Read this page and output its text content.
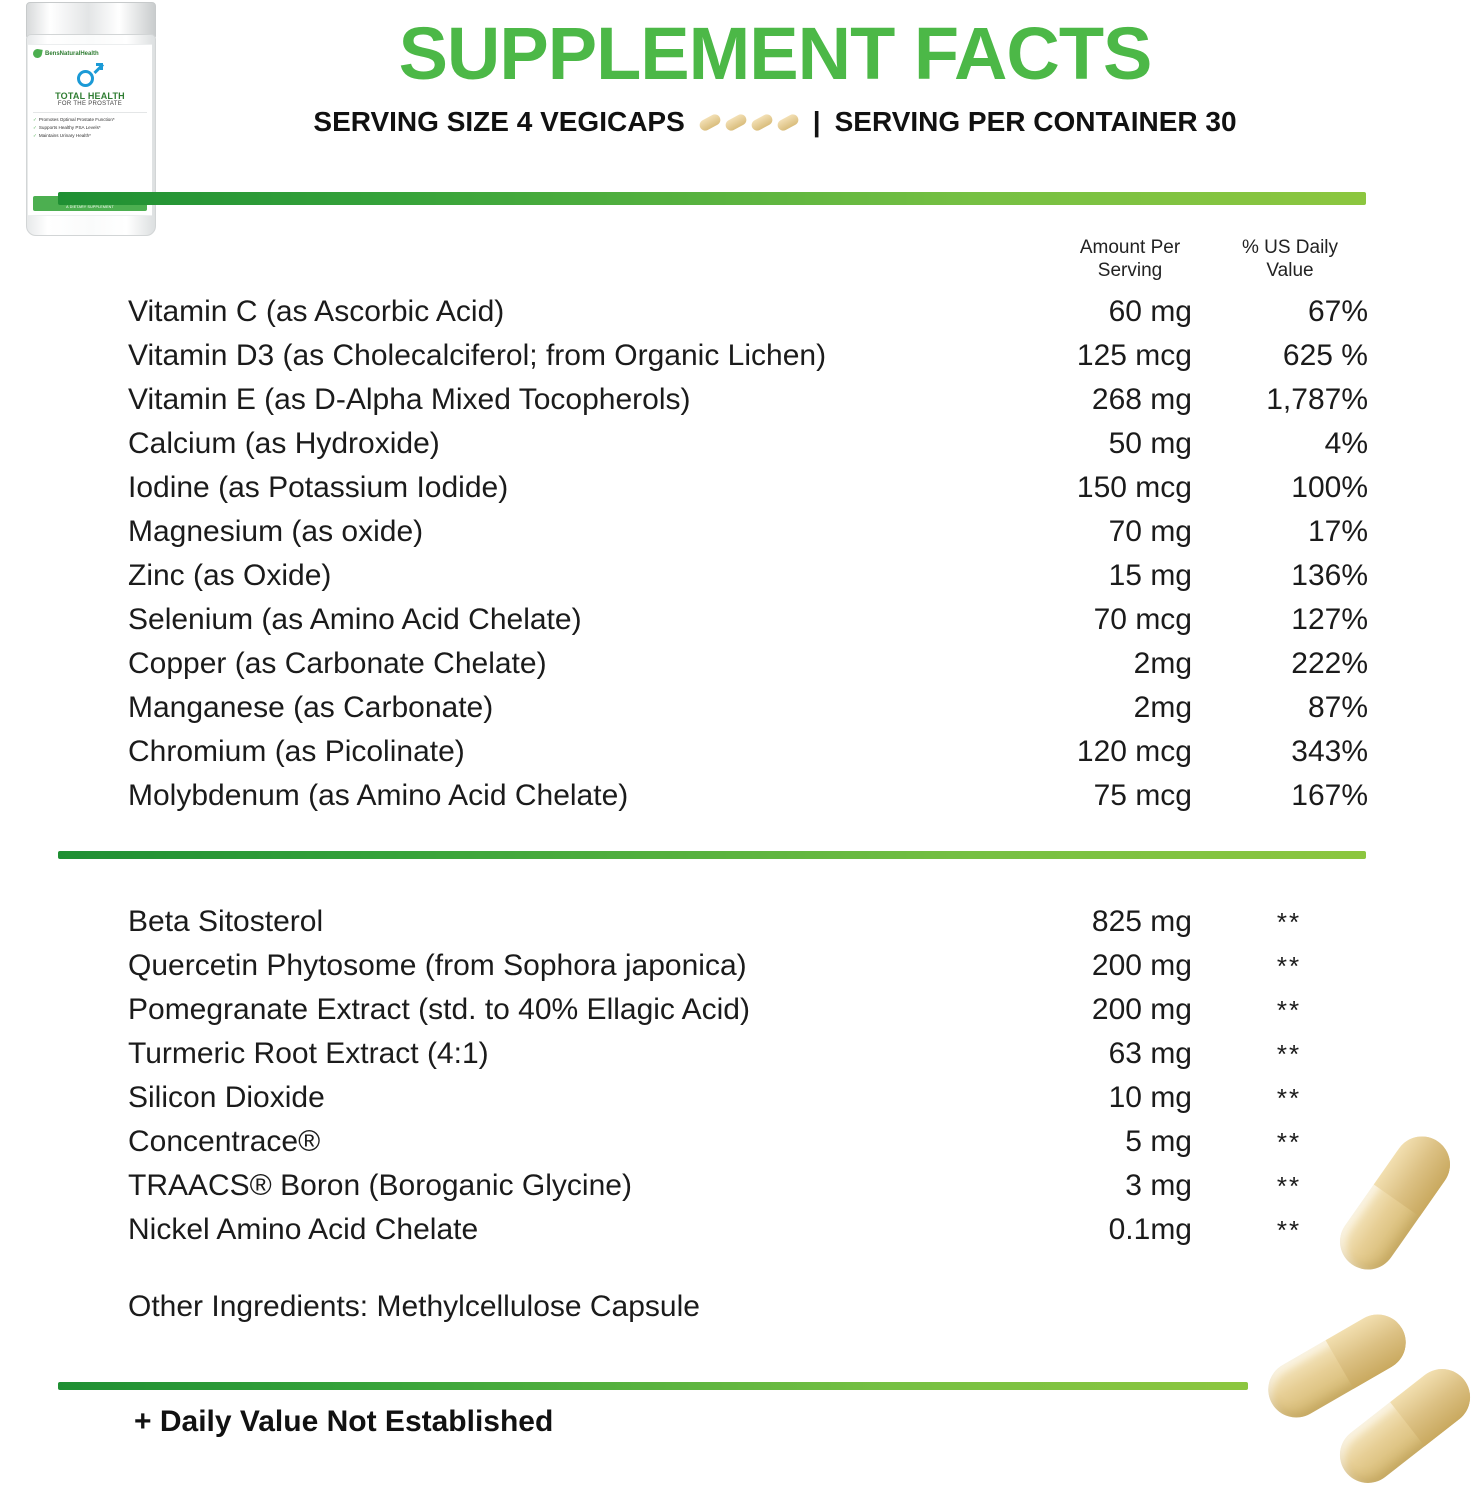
BensNaturalHealth
TOTAL HEALTH
FOR THE PROSTATE
✓ Promotes Optimal Prostate Function*
✓ Supports Healthy PSA Levels*
✓ Maintains Urinary Health*
A DIETARY SUPPLEMENT
SUPPLEMENT FACTS
SERVING SIZE 4 VEGICAPS	| SERVING PER CONTAINER 30
Amount Per
Serving
% US Daily
Value
Vitamin C (as Ascorbic Acid)	60 mg	67%
Vitamin D3 (as Cholecalciferol; from Organic Lichen)	125 mcg	625 %
Vitamin E (as D-Alpha Mixed Tocopherols)	268 mg	1,787%
Calcium (as Hydroxide)	50 mg	4%
Iodine (as Potassium Iodide)	150 mcg	100%
Magnesium (as oxide)	70 mg	17%
Zinc (as Oxide)	15 mg	136%
Selenium (as Amino Acid Chelate)	70 mcg	127%
Copper (as Carbonate Chelate)	2mg	222%
Manganese (as Carbonate)	2mg	87%
Chromium (as Picolinate)	120 mcg	343%
Molybdenum (as Amino Acid Chelate)	75 mcg	167%
Beta Sitosterol	825 mg	**
Quercetin Phytosome (from Sophora japonica)	200 mg	**
Pomegranate Extract (std. to 40% Ellagic Acid)	200 mg	**
Turmeric Root Extract (4:1)	63 mg	**
Silicon Dioxide	10 mg	**
Concentrace®	5 mg	**
TRAACS® Boron (Boroganic Glycine)	3 mg	**
Nickel Amino Acid Chelate	0.1mg	**
Other Ingredients: Methylcellulose Capsule
+ Daily Value Not Established
